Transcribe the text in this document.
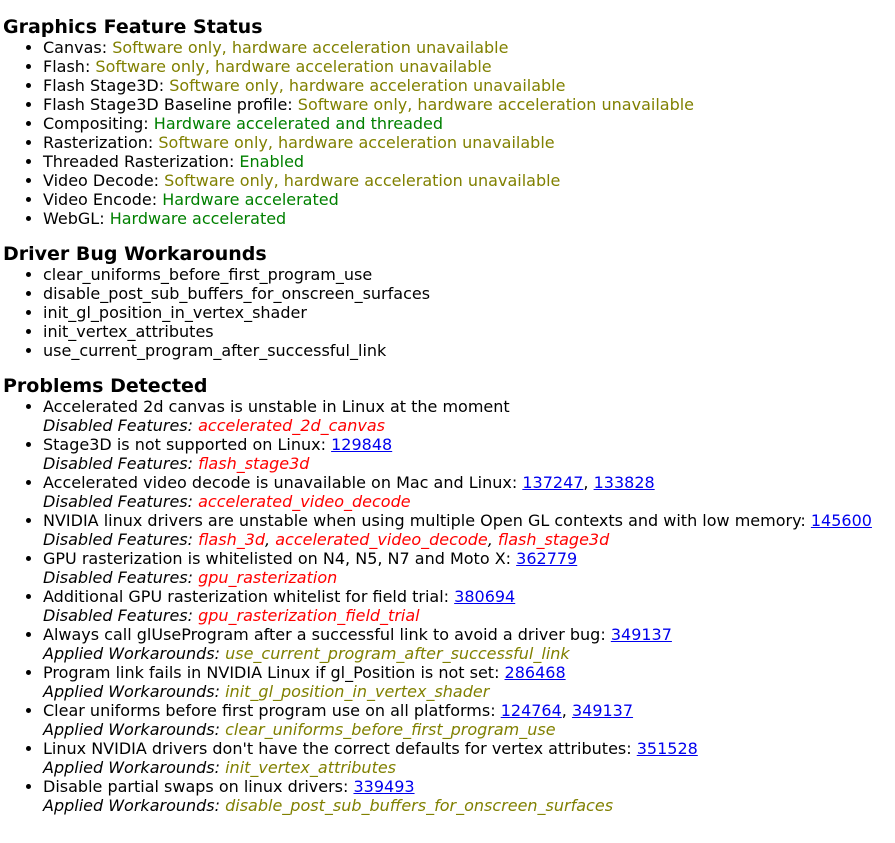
Graphics Feature Status
• Canvas: Software only, hardware acceleration unavailable
• Flash: Software only, hardware acceleration unavailable
• Flash Stage3D: Software only, hardware acceleration unavailable
• Flash Stage3D Baseline profile: Software only, hardware acceleration unavailable
• Compositing: Hardware accelerated and threaded
• Rasterization: Software only, hardware acceleration unavailable
• Threaded Rasterization: Enabled
• Video Decode: Software only, hardware acceleration unavailable
• Video Encode: Hardware accelerated
• WebGL: Hardware accelerated
Driver Bug Workarounds
• clear_uniforms_before_first_program_use
• disable_post_sub_buffers_for_onscreen_surfaces
• init_gl_position_in_vertex_shader
• init_vertex_attributes
• use_current_program_after_successful_link
Problems Detected
• Accelerated 2d canvas is unstable in Linux at the moment
Disabled Features: accelerated_2d_canvas
• Stage3D is not supported on Linux: 129848
Disabled Features: flash_stage3d
• Accelerated video decode is unavailable on Mac and Linux: 137247, 133828
Disabled Features: accelerated_video_decode
• NVIDIA linux drivers are unstable when using multiple Open GL contexts and with low memory: 145600
Disabled Features: flash_3d, accelerated_video_decode, flash_stage3d
• GPU rasterization is whitelisted on N4, N5, N7 and Moto X: 362779
Disabled Features: gpu_rasterization
• Additional GPU rasterization whitelist for field trial: 380694
Disabled Features: gpu_rasterization_field_trial
• Always call glUseProgram after a successful link to avoid a driver bug: 349137
Applied Workarounds: use_current_program_after_successful_link
• Program link fails in NVIDIA Linux if gl_Position is not set: 286468
Applied Workarounds: init_gl_position_in_vertex_shader
• Clear uniforms before first program use on all platforms: 124764, 349137
Applied Workarounds: clear_uniforms_before_first_program_use
• Linux NVIDIA drivers don't have the correct defaults for vertex attributes: 351528
Applied Workarounds: init_vertex_attributes
• Disable partial swaps on linux drivers: 339493
Applied Workarounds: disable_post_sub_buffers_for_onscreen_surfaces
